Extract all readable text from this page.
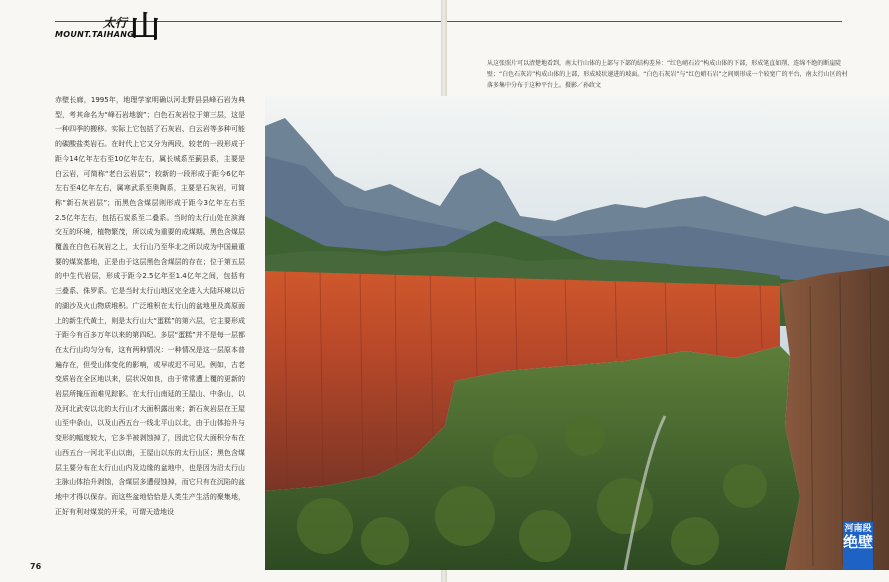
太行 山
MOUNT.TAIHANG
赤壁长廊，1995年，地理学家明确以河北野县县峰石岩为典型，考其命名为“峰石岩地貌”；白色石灰岩位于第三层，这是一种四季的搬移。实际上它包括了石灰岩、白云岩等多种可能的碳酸盐类岩石。在时代上它又分为两段，较老的一段形成于距今14亿年左右至10亿年左右，属长城系至蓟县系，主要是白云岩，可简称“老白云岩层”；较新的一段形成于距今6亿年左右至4亿年左右，属寒武系至奥陶系，主要是石灰岩，可简称“新石灰岩层”；而黑色含煤层则形成于距今3亿年左右至2.5亿年左右，包括石炭系至二叠系。当时的太行山处在滨海交互的环境，植物繁茂，所以成为重要的成煤期。黑色含煤层覆盖在白色石灰岩之上，太行山乃至华北之所以成为中国最重要的煤炭基地，正是由于这层黑色含煤层的存在；位于第五层的中生代岩层，形成于距今2.5亿年至1.4亿年之间，包括有三叠系、侏罗系。它是当时太行山地区完全进入大陆环境以后的湖沙及火山物质堆积。广泛堆积在太行山的盆地里及高原面上的新生代黄土，则是太行山大“蛋糕”的第六层，它主要形成于距今有百多万年以来的第四纪。多层“蛋糕”并不是每一层都在太行山均匀分布，这有两种情况：一种情况是这一层原本普遍存在，但受山体变化的影响，或早或迟不可见。例如，古老变质岩在全区地以来，层状况如良，由于常常遭上覆的更新的岩层所掩压而难见踪影。在太行山南延的王屋山、中条山，以及河北武安以北的太行山才大面积露出来；新石灰岩层在王屋山至中条山，以及山西五台一线北平山以北，由于山体抬升与变形的幅度较大，它多半被剥蚀掉了，因此它仅大面积分布在山西五台一河北平山以南，王屋山以东的太行山区；黑色含煤层主要分布在太行山山内及边缘的盆地中，也是因为沿太行山主脉山体抬升剥蚀，含煤层多遭侵蚀掉，而它只有在沉陷的盆地中才得以保存。而这些盆地恰恰是人类生产生活的聚集地，正好有利对煤炭的开采，可谓天造地设
76
从这张照片可以清楚地看到，南太行山体的上部与下部的结构差异：“红色峭石岩”构成山体的下部，形成笔直如削、连绵不绝的断崖陡壁；“白色石灰岩”构成山体的上部，形成坡状递进的坡面。“白色石灰岩”与“红色峭石岩”之间则形成一个较宽广的平台，南太行山区的村落多集中分布于这种平台上。摄影／孙政文
河南段
绝壁
